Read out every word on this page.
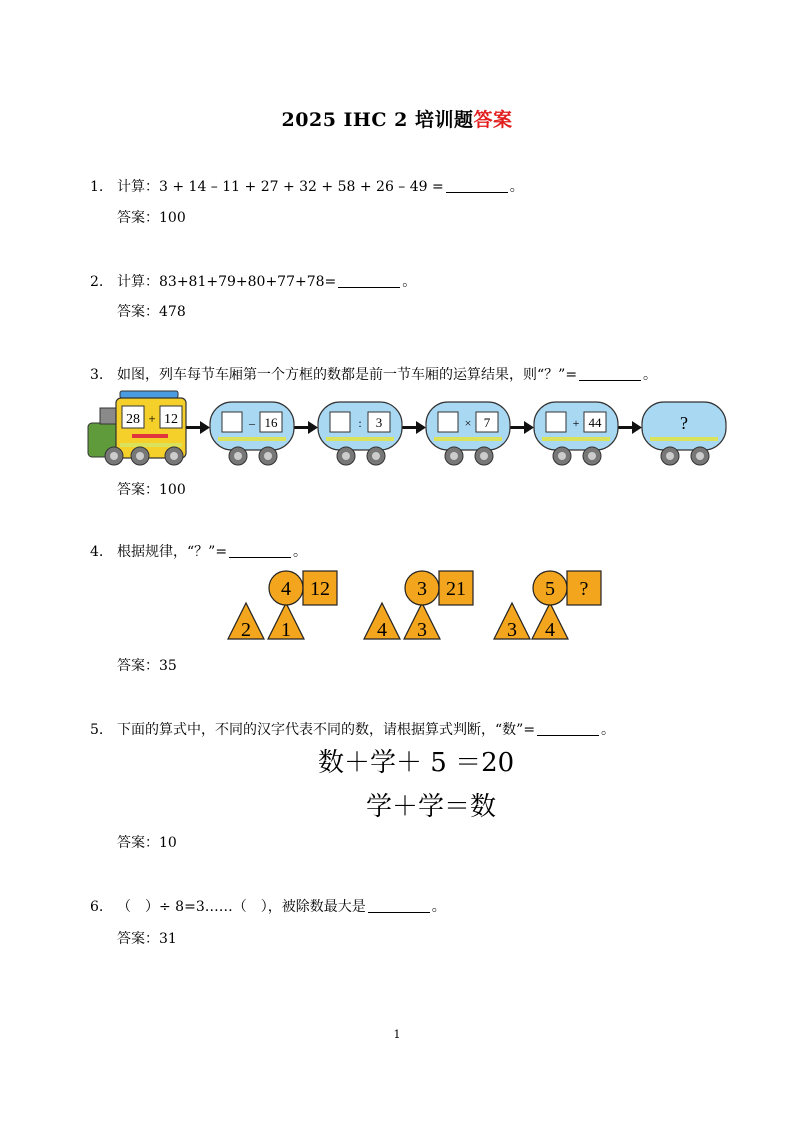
2025 IHC 2 培训题答案
1. 计算：3 + 14 – 11 + 27 + 32 + 58 + 26 – 49 =	。
答案：100
2. 计算：83+81+79+80+77+78=	。
答案：478
3. 如图，列车每节车厢第一个方框的数都是前一节车厢的运算结果，则“？”=	。
28 + 12	– 16	: 3	× 7	+ 44	?
答案：100
4. 根据规律，“？”=	。
4 12
2 1
3 21
4 3
5 ?
3 4
答案：35
5. 下面的算式中，不同的汉字代表不同的数，请根据算式判断，“数”=	。
数＋学＋ 5 ＝20
学＋学＝数
答案：10
6. （　）÷ 8=3……（　），被除数最大是	。
答案：31
1
